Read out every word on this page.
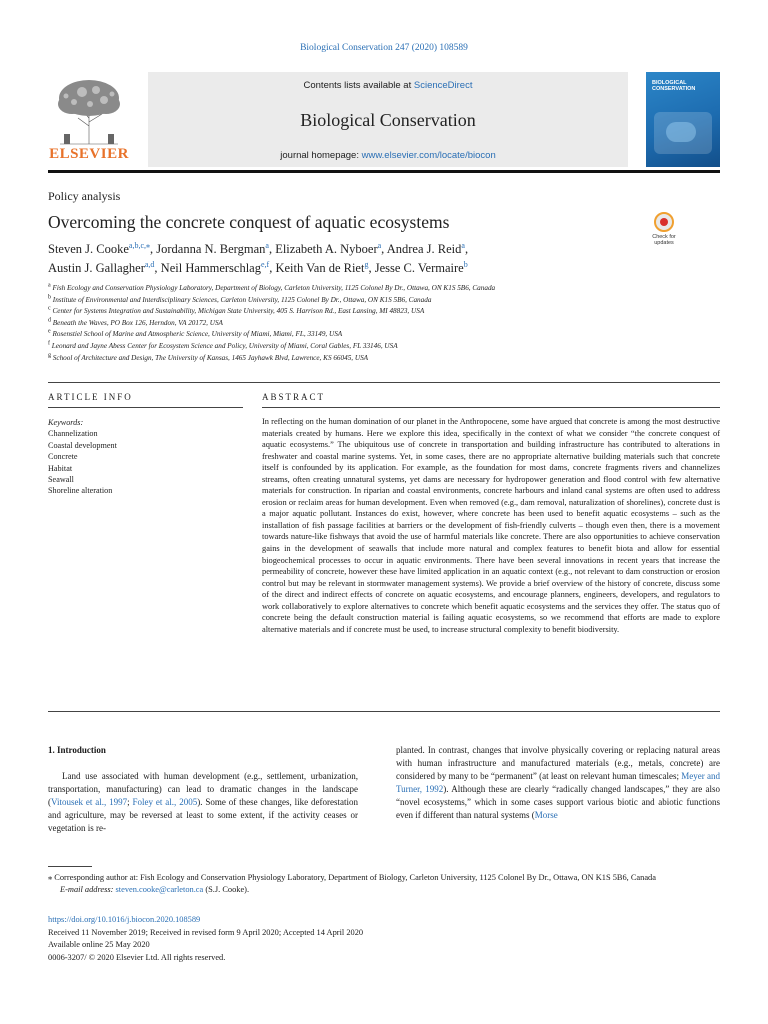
Biological Conservation 247 (2020) 108589
ELSEVIER
Contents lists available at ScienceDirect
Biological Conservation
journal homepage: www.elsevier.com/locate/biocon
BIOLOGICAL
CONSERVATION
Policy analysis
Overcoming the concrete conquest of aquatic ecosystems
Check for
updates
Steven J. Cooke$^{a,b,c,⁎}$, Jordanna N. Bergman$^a$, Elizabeth A. Nyboer$^a$, Andrea J. Reid$^a$,
Austin J. Gallagher$^{a,d}$, Neil Hammerschlag$^{e,f}$, Keith Van de Riet$^g$, Jesse C. Vermaire$^b$
$^a$ Fish Ecology and Conservation Physiology Laboratory, Department of Biology, Carleton University, 1125 Colonel By Dr., Ottawa, ON K1S 5B6, Canada
$^b$ Institute of Environmental and Interdisciplinary Sciences, Carleton University, 1125 Colonel By Dr., Ottawa, ON K1S 5B6, Canada
$^c$ Center for Systems Integration and Sustainability, Michigan State University, 405 S. Harrison Rd., East Lansing, MI 48823, USA
$^d$ Beneath the Waves, PO Box 126, Herndon, VA 20172, USA
$^e$ Rosenstiel School of Marine and Atmospheric Science, University of Miami, Miami, FL, 33149, USA
$^f$ Leonard and Jayne Abess Center for Ecosystem Science and Policy, University of Miami, Coral Gables, FL 33146, USA
$^g$ School of Architecture and Design, The University of Kansas, 1465 Jayhawk Blvd, Lawrence, KS 66045, USA
ARTICLE INFO	ABSTRACT
Keywords:
Channelization
Coastal development
Concrete
Habitat
Seawall
Shoreline alteration
In reflecting on the human domination of our planet in the Anthropocene, some have argued that concrete is among the most destructive materials created by humans. Here we explore this idea, specifically in the context of what we consider “the concrete conquest of aquatic ecosystems.” The ubiquitous use of concrete in transportation and building infrastructure has contributed to alterations in freshwater and coastal marine systems. Yet, in some cases, there are no appropriate alternative building materials such that concrete itself is confounded by its application. For example, as the foundation for most dams, concrete fragments rivers and channelizes streams, often creating unnatural systems, yet dams are necessary for hydropower generation and flood control with few alternative materials for construction. In riparian and coastal environments, concrete harbours and inland canal systems are often used to address erosion or reclaim areas for human development. Even when removed (e.g., dam removal, naturalization of shorelines), concrete dust is a major aquatic pollutant. Instances do exist, however, where concrete has been used to benefit aquatic ecosystems – such as the installation of fish passage facilities at barriers or the development of fish-friendly culverts – though even then, there is a movement towards nature-like fishways that avoid the use of harmful materials like concrete. There are also opportunities to achieve conservation gains in the development of seawalls that include more natural and complex features to benefit biota and allow for essential biogeochemical processes to occur in aquatic environments. There have been several innovations in recent years that increase the permeability of concrete, however these have limited application in an aquatic context (e.g., not relevant to dam construction or erosion control but may be relevant in stormwater management systems). We provide a brief overview of the history of concrete, discuss some of the direct and indirect effects of concrete on aquatic ecosystems, and encourage planners, engineers, developers, and regulators to work collaboratively to explore alternatives to concrete which benefit aquatic ecosystems and the services they offer. The status quo of concrete being the default construction material is failing aquatic ecosystems, so we recommend that efforts are made to explore alternative materials and if concrete must be used, to increase structural complexity to benefit biodiversity.
1. Introduction
Land use associated with human development (e.g., settlement, urbanization, transportation, manufacturing) can lead to dramatic changes in the landscape (Vitousek et al., 1997; Foley et al., 2005). Some of these changes, like deforestation and agriculture, may be reversed at least to some extent, if the activity ceases or vegetation is re-
planted. In contrast, changes that involve physically covering or replacing natural areas with human infrastructure and manufactured materials (e.g., metals, concrete) are considered by many to be “permanent” (at least on relevant human timescales; Meyer and Turner, 1992). Although these are clearly “radically changed landscapes,” they are also “novel ecosystems,” which in some cases support various biotic and abiotic functions even if different than natural systems (Morse
⁎ Corresponding author at: Fish Ecology and Conservation Physiology Laboratory, Department of Biology, Carleton University, 1125 Colonel By Dr., Ottawa, ON K1S 5B6, Canada
E-mail address: steven.cooke@carleton.ca (S.J. Cooke).
https://doi.org/10.1016/j.biocon.2020.108589
Received 11 November 2019; Received in revised form 9 April 2020; Accepted 14 April 2020
Available online 25 May 2020
0006-3207/ © 2020 Elsevier Ltd. All rights reserved.
